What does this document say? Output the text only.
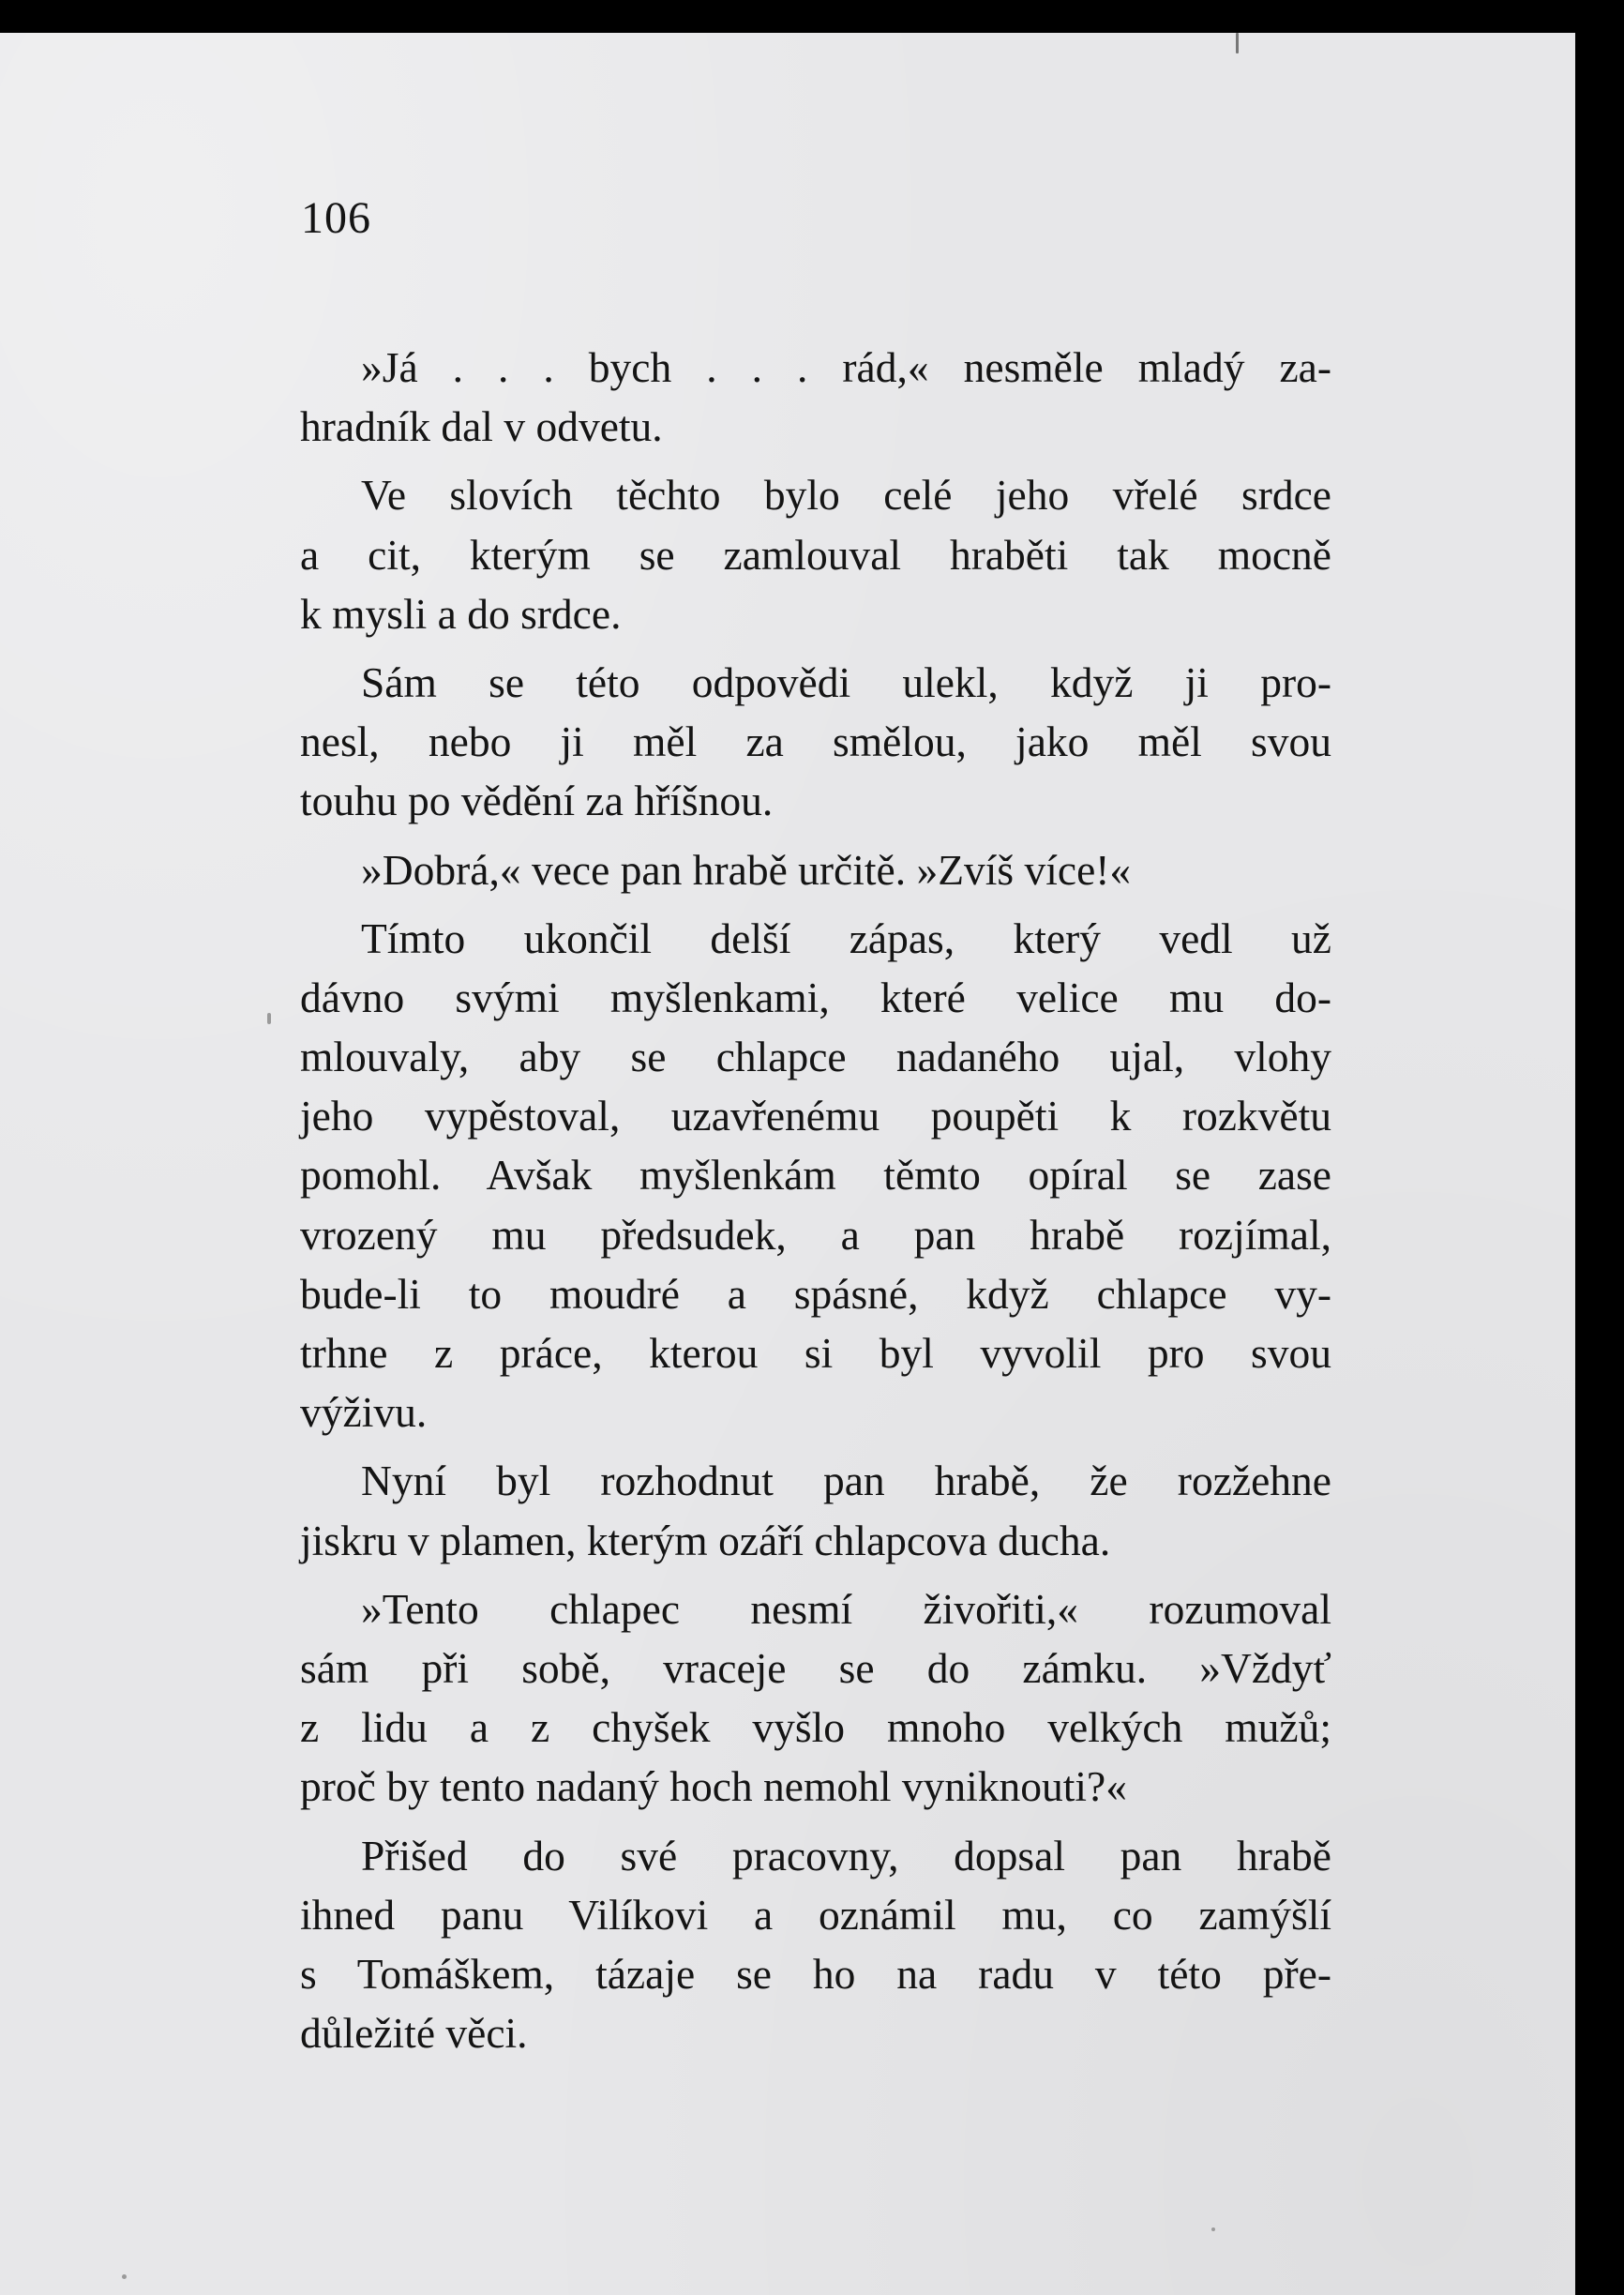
106
»Já . . . bych . . . rád,« nesměle mladý za-
hradník dal v odvetu.
Ve slovích těchto bylo celé jeho vřelé srdce
a cit, kterým se zamlouval hraběti tak mocně
k mysli a do srdce.
Sám se této odpovědi ulekl, když ji pro-
nesl, nebo ji měl za smělou, jako měl svou
touhu po vědění za hříšnou.
»Dobrá,« vece pan hrabě určitě. »Zvíš více!«
Tímto ukončil delší zápas, který vedl už
dávno svými myšlenkami, které velice mu do-
mlouvaly, aby se chlapce nadaného ujal, vlohy
jeho vypěstoval, uzavřenému poupěti k rozkvětu
pomohl. Avšak myšlenkám těmto opíral se zase
vrozený mu předsudek, a pan hrabě rozjímal,
bude-li to moudré a spásné, když chlapce vy-
trhne z práce, kterou si byl vyvolil pro svou
výživu.
Nyní byl rozhodnut pan hrabě, že rozžehne
jiskru v plamen, kterým ozáří chlapcova ducha.
»Tento chlapec nesmí živořiti,« rozumoval
sám při sobě, vraceje se do zámku. »Vždyť
z lidu a z chyšek vyšlo mnoho velkých mužů;
proč by tento nadaný hoch nemohl vyniknouti?«
Přišed do své pracovny, dopsal pan hrabě
ihned panu Vilíkovi a oznámil mu, co zamýšlí
s Tomáškem, tázaje se ho na radu v této pře-
důležité věci.
